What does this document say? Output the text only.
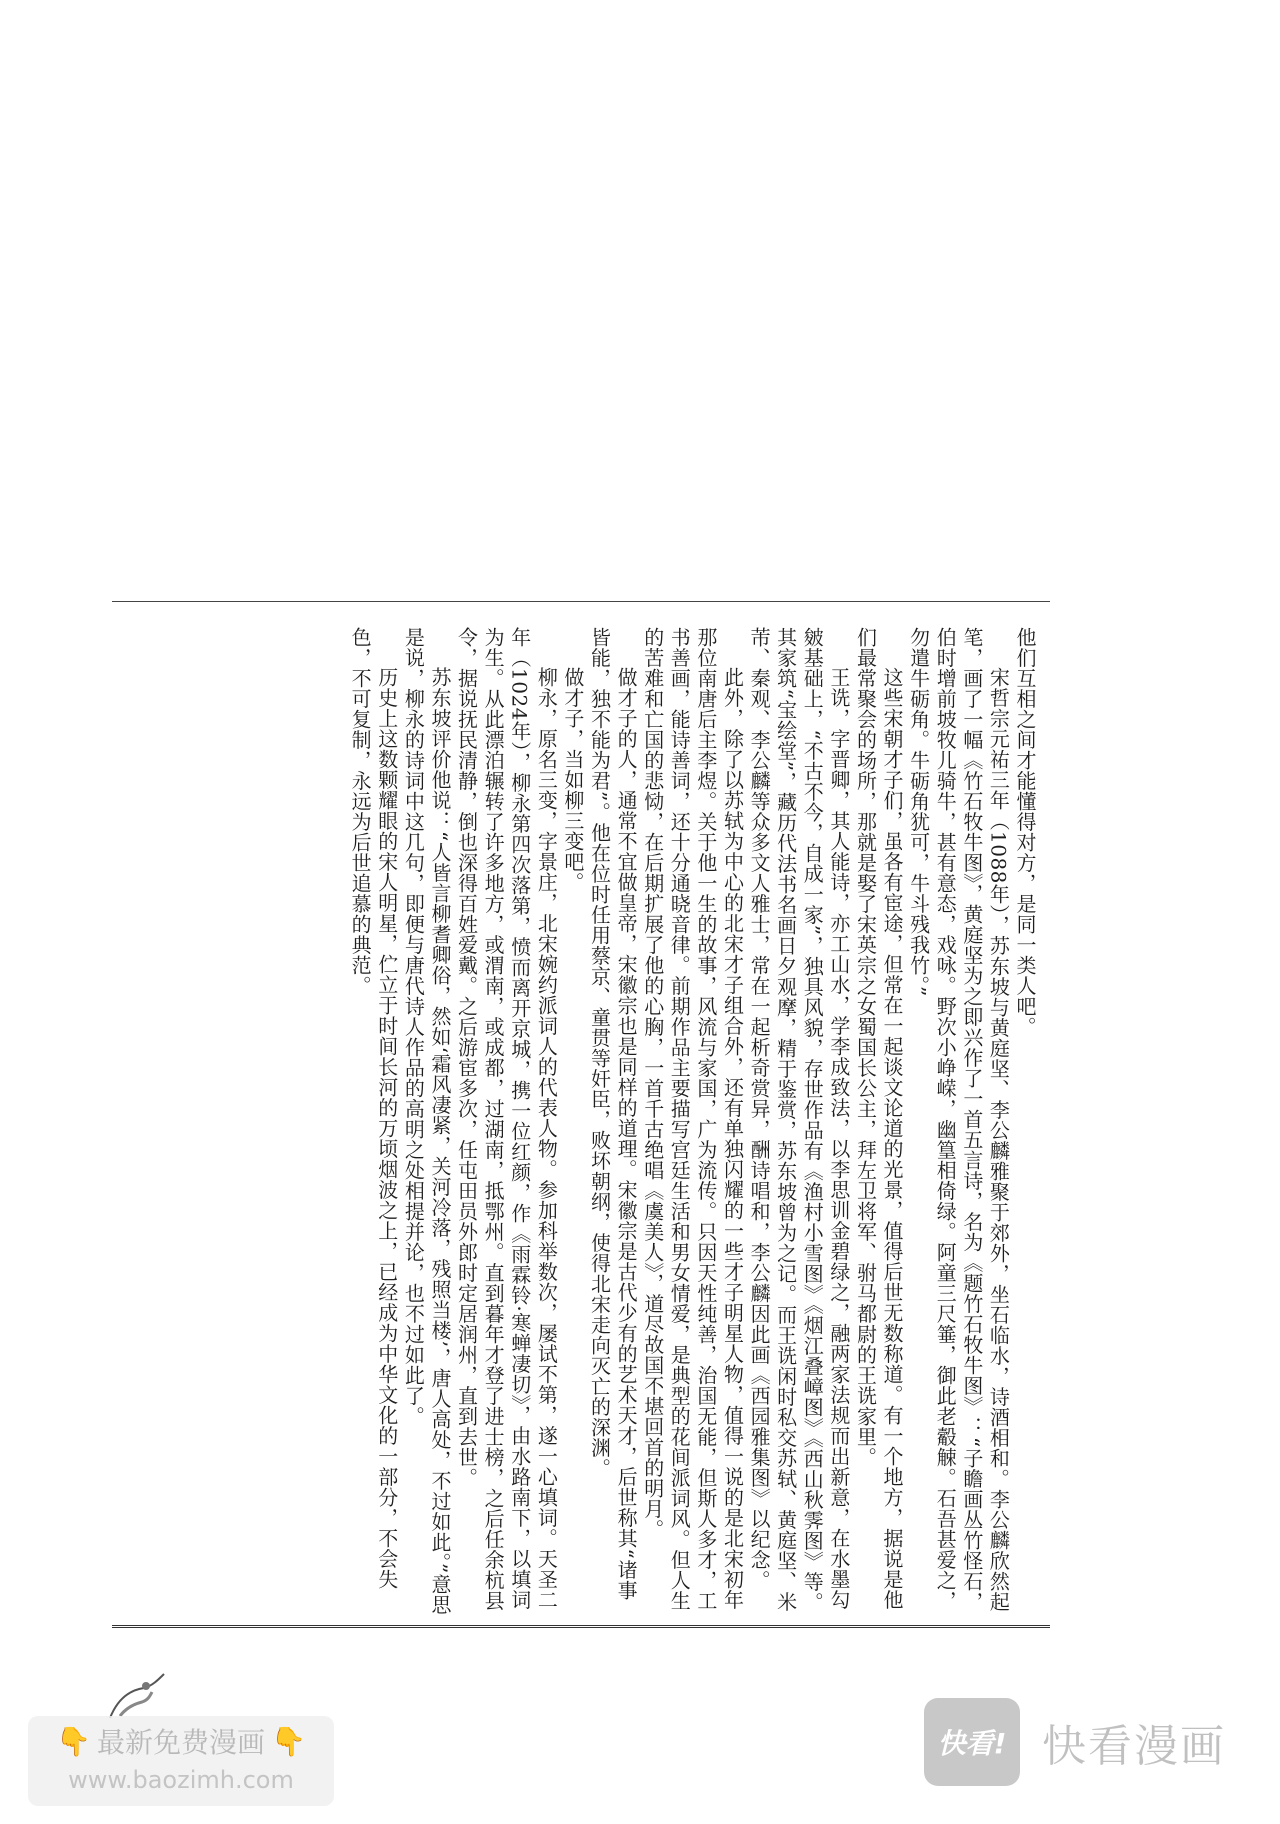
他们互相之间才能懂得对方，是同一类人吧。

宋哲宗元祐三年（1088年），苏东坡与黄庭坚、李公麟雅聚于郊外，坐石临水，诗酒相和。李公麟欣然起笔，画了一幅《竹石牧牛图》，黄庭坚为之即兴作了一首五言诗，名为《题竹石牧牛图》：“子瞻画丛竹怪石，伯时增前坡牧儿骑牛，甚有意态，戏咏。野次小峥嵘，幽篁相倚绿。阿童三尺箠，御此老觳觫。石吾甚爱之，勿遣牛砺角。牛砺角犹可，牛斗残我竹。”

这些宋朝才子们，虽各有宦途，但常在一起谈文论道的光景，值得后世无数称道。有一个地方，据说是他们最常聚会的场所，那就是娶了宋英宗之女蜀国长公主，拜左卫将军、驸马都尉的王诜家里。

王诜，字晋卿，其人能诗，亦工山水，学李成致法，以李思训金碧绿之，融两家法规而出新意，在水墨勾皴基础上，“不古不今，自成一家”，独具风貌，存世作品有《渔村小雪图》《烟江叠嶂图》《西山秋霁图》等。其家筑“宝绘堂”，藏历代法书名画日夕观摩，精于鉴赏，苏东坡曾为之记。而王诜闲时私交苏轼、黄庭坚、米芾、秦观、李公麟等众多文人雅士，常在一起析奇赏异，酬诗唱和，李公麟因此画《西园雅集图》以纪念。

此外，除了以苏轼为中心的北宋才子组合外，还有单独闪耀的一些才子明星人物，值得一说的是北宋初年那位南唐后主李煜。关于他一生的故事，风流与家国，广为流传。只因天性纯善，治国无能，但斯人多才，工书善画，能诗善词，还十分通晓音律。前期作品主要描写宫廷生活和男女情爱，是典型的花间派词风。但人生的苦难和亡国的悲恸，在后期扩展了他的心胸，一首千古绝唱《虞美人》，道尽故国不堪回首的明月。

做才子的人，通常不宜做皇帝，宋徽宗也是同样的道理。宋徽宗是古代少有的艺术天才，后世称其“诸事皆能，独不能为君”。他在位时任用蔡京、童贯等奸臣，败坏朝纲，使得北宋走向灭亡的深渊。

做才子，当如柳三变吧。

柳永，原名三变，字景庄，北宋婉约派词人的代表人物。参加科举数次，屡试不第，遂一心填词。天圣二年（1024年），柳永第四次落第，愤而离开京城，携一位红颜，作《雨霖铃·寒蝉凄切》，由水路南下，以填词为生。从此漂泊辗转了许多地方，或渭南，或成都，过湖南，抵鄂州。直到暮年才登了进士榜，之后任余杭县令，据说抚民清静，倒也深得百姓爱戴。之后游宦多次，任屯田员外郎时定居润州，直到去世。

苏东坡评价他说：“人皆言柳耆卿俗，然如‘霜风凄紧，关河冷落，残照当楼’，唐人高处，不过如此。”意思是说，柳永的诗词中这几句，即便与唐代诗人作品的高明之处相提并论，也不过如此了。

历史上这数颗耀眼的宋人明星，伫立于时间长河的万顷烟波之上，已经成为中华文化的一部分，不会失色，不可复制，永远为后世追慕的典范。

👇 最新免费漫画 👇
www.baozimh.com
快看! 快看漫画
